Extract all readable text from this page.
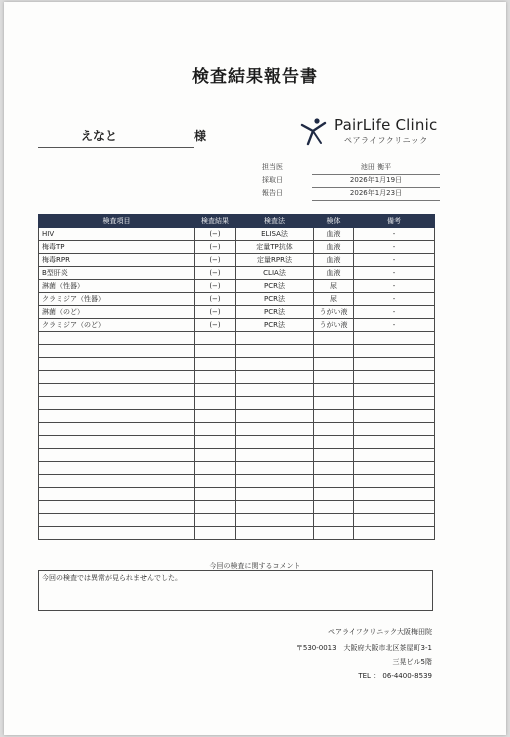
検査結果報告書
えなと	様
PairLife Clinic
ペアライフクリニック
担当医	池田 衡平
採取日	2026年1月19日
報告日	2026年1月23日
検査項目	検査結果	検査法	検体	備考
HIV	(−)	ELISA法	血液	-
梅毒TP	(−)	定量TP抗体	血液	-
梅毒RPR	(−)	定量RPR法	血液	-
B型肝炎	(−)	CLIA法	血液	-
淋菌（性器）	(−)	PCR法	尿	-
クラミジア（性器）	(−)	PCR法	尿	-
淋菌（のど）	(−)	PCR法	うがい液	-
クラミジア（のど）	(−)	PCR法	うがい液	-

今回の検査に関するコメント
今回の検査では異常が見られませんでした。
ペアライフクリニック大阪梅田院
〒530-0013　大阪府大阪市北区茶屋町3-1
三晃ビル5階
TEL ： 06-4400-8539
